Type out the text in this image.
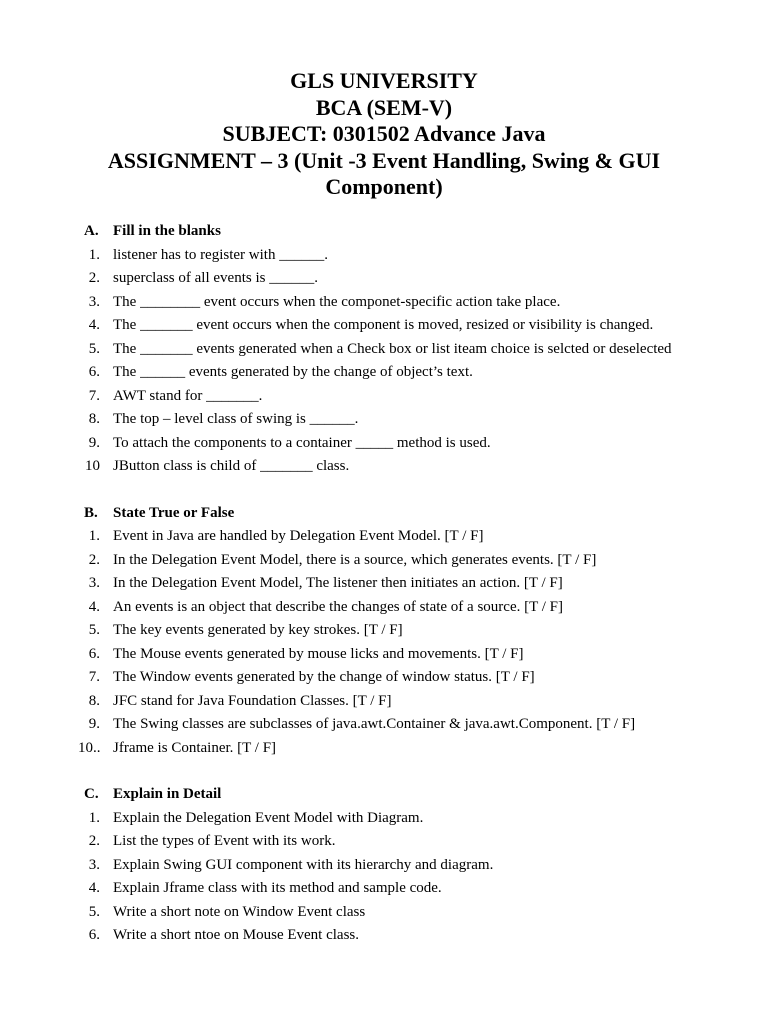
GLS UNIVERSITY
BCA (SEM-V)
SUBJECT: 0301502 Advance Java
ASSIGNMENT – 3 (Unit -3 Event Handling, Swing & GUI
Component)
A. Fill in the blanks
1. listener has to register with ______.
2. superclass of all events is ______.
3. The ________ event occurs when the componet-specific action take place.
4. The _______ event occurs when the component is moved, resized or visibility is changed.
5. The _______ events generated when a Check box or list iteam choice is selcted or deselected
6. The ______ events generated by the change of object’s text.
7. AWT stand for _______.
8. The top – level class of swing is ______.
9. To attach the components to a container _____ method is used.
10 JButton class is child of _______ class.
B. State True or False
1. Event in Java are handled by Delegation Event Model. [T / F]
2. In the Delegation Event Model, there is a source, which generates events. [T / F]
3. In the Delegation Event Model, The listener then initiates an action. [T / F]
4. An events is an object that describe the changes of state of a source. [T / F]
5. The key events generated by key strokes. [T / F]
6. The Mouse events generated by mouse licks and movements. [T / F]
7. The Window events generated by the change of window status. [T / F]
8. JFC stand for Java Foundation Classes. [T / F]
9. The Swing classes are subclasses of java.awt.Container & java.awt.Component. [T / F]
10.. Jframe is Container. [T / F]
C. Explain in Detail
1. Explain the Delegation Event Model with Diagram.
2. List the types of Event with its work.
3. Explain Swing GUI component with its hierarchy and diagram.
4. Explain Jframe class with its method and sample code.
5. Write a short note on Window Event class
6. Write a short ntoe on Mouse Event class.
